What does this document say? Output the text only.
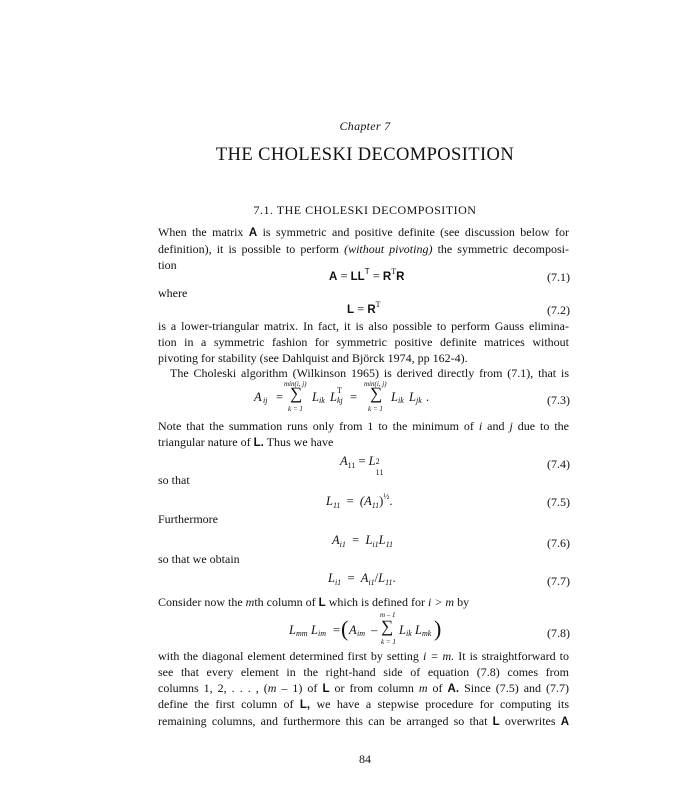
Chapter 7
THE CHOLESKI DECOMPOSITION
7.1. THE CHOLESKI DECOMPOSITION
When the matrix A is symmetric and positive definite (see discussion below for
definition), it is possible to perform (without pivoting) the symmetric decomposi-
tion
$A = LL^T = R^TR$	(7.1)
where
$L = R^T$	(7.2)
is a lower-triangular matrix. In fact, it is also possible to perform Gauss elimina-
tion in a symmetric fashion for symmetric positive definite matrices without
pivoting for stability (see Dahlquist and Björck 1974, pp 162-4).
The Choleski algorithm (Wilkinson 1965) is derived directly from (7.1), that is
A ij =
min(i, j)
∑
k = 1
L ik L T
kj =
min(i, j)
∑
k = 1
L ik L jk .	(7.3)
Note that the summation runs only from 1 to the minimum of i and j due to the
triangular nature of L. Thus we have
$A_{11} = L$ 2
11
(7.4)
so that
$L_{11} = (A_{11})^{\frac{1}{2}}$.	(7.5)
Furthermore
$A_{i1} = L_{i1}L_{11}$	(7.6)
so that we obtain
$L_{i1} = A_{i1}/L_{11}$.	(7.7)
Consider now the mth column of L which is defined for i > m by
L mm L im = ( A im –
m – 1
∑
k = 1
L ik L mk )	(7.8)
with the diagonal element determined first by setting i = m. It is straightforward to
see that every element in the right-hand side of equation (7.8) comes from
columns 1, 2, . . . , (m – 1) of L or from column m of A. Since (7.5) and (7.7)
define the first column of L, we have a stepwise procedure for computing its
remaining columns, and furthermore this can be arranged so that L overwrites A
84
